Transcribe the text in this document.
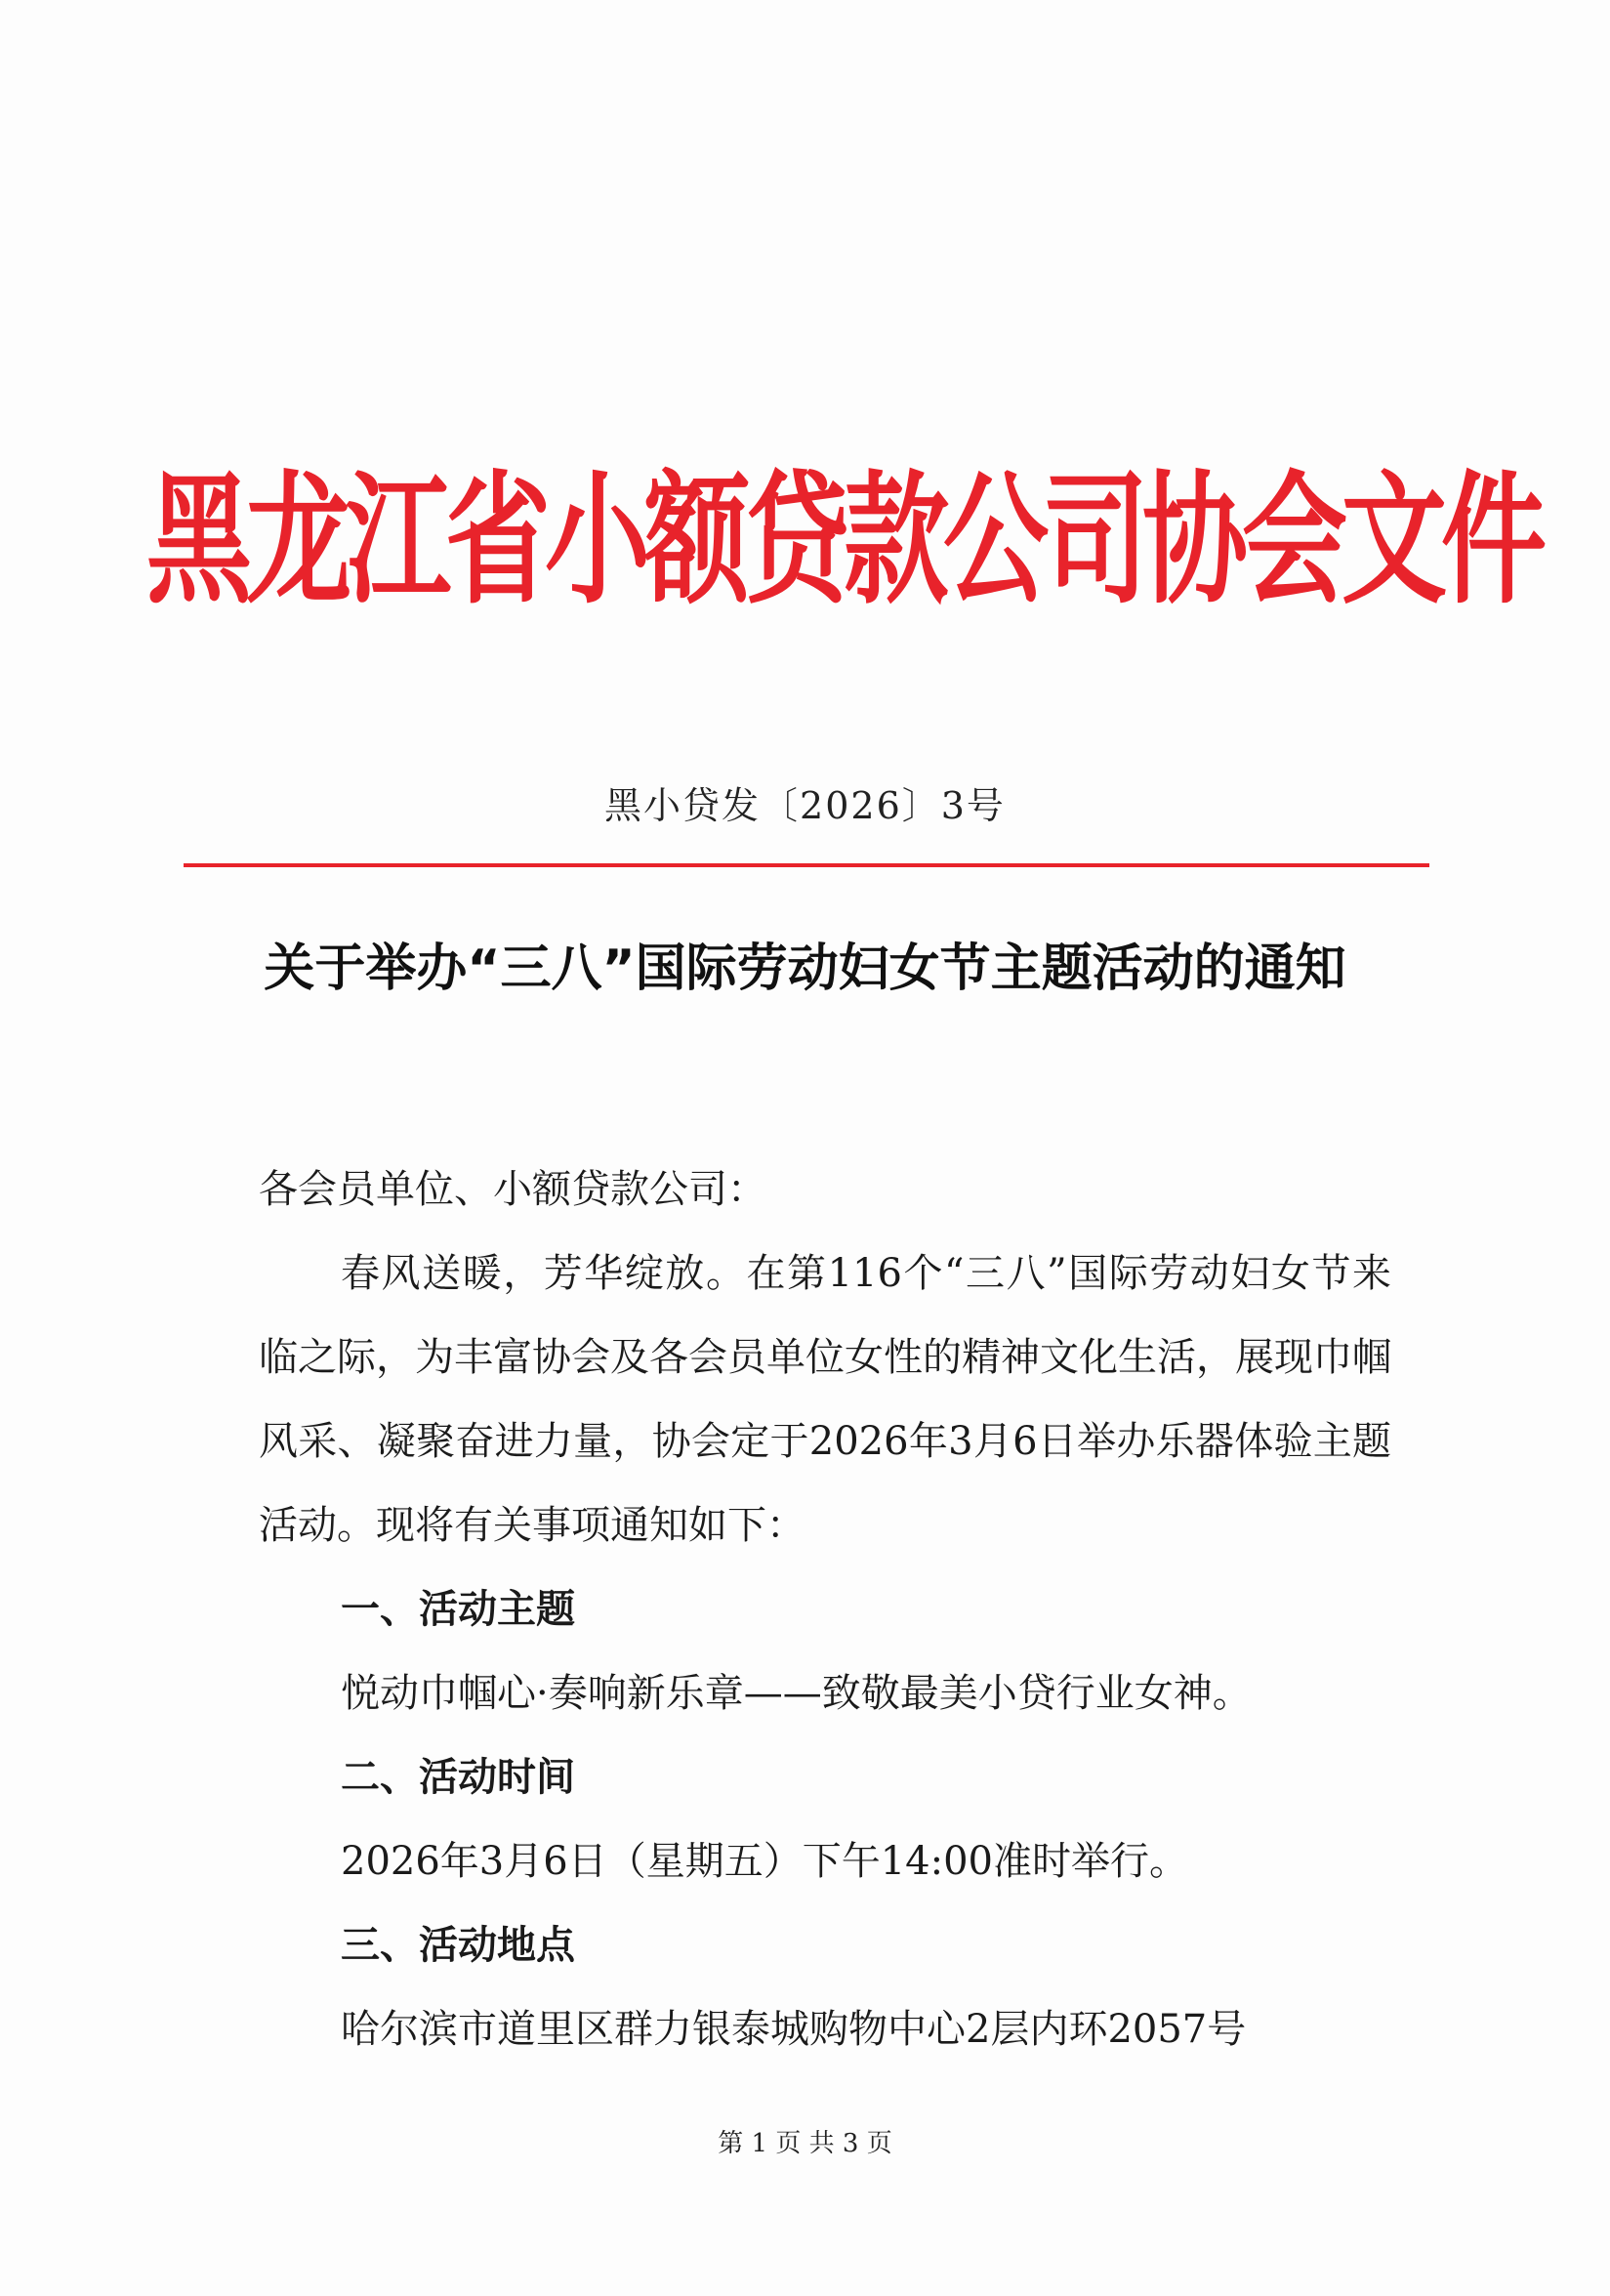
黑龙江省小额贷款公司协会文件
黑小贷发〔2026〕3号
关于举办“三八”国际劳动妇女节主题活动的通知

各会员单位、小额贷款公司：

春风送暖，芳华绽放。在第116个“三八”国际劳动妇女节来临之际，为丰富协会及各会员单位女性的精神文化生活，展现巾帼风采、凝聚奋进力量，协会定于2026年3月6日举办乐器体验主题活动。现将有关事项通知如下：

一、活动主题

悦动巾帼心·奏响新乐章——致敬最美小贷行业女神。

二、活动时间

2026年3月6日（星期五）下午14:00准时举行。

三、活动地点

哈尔滨市道里区群力银泰城购物中心2层内环2057号

第 1 页 共 3 页
